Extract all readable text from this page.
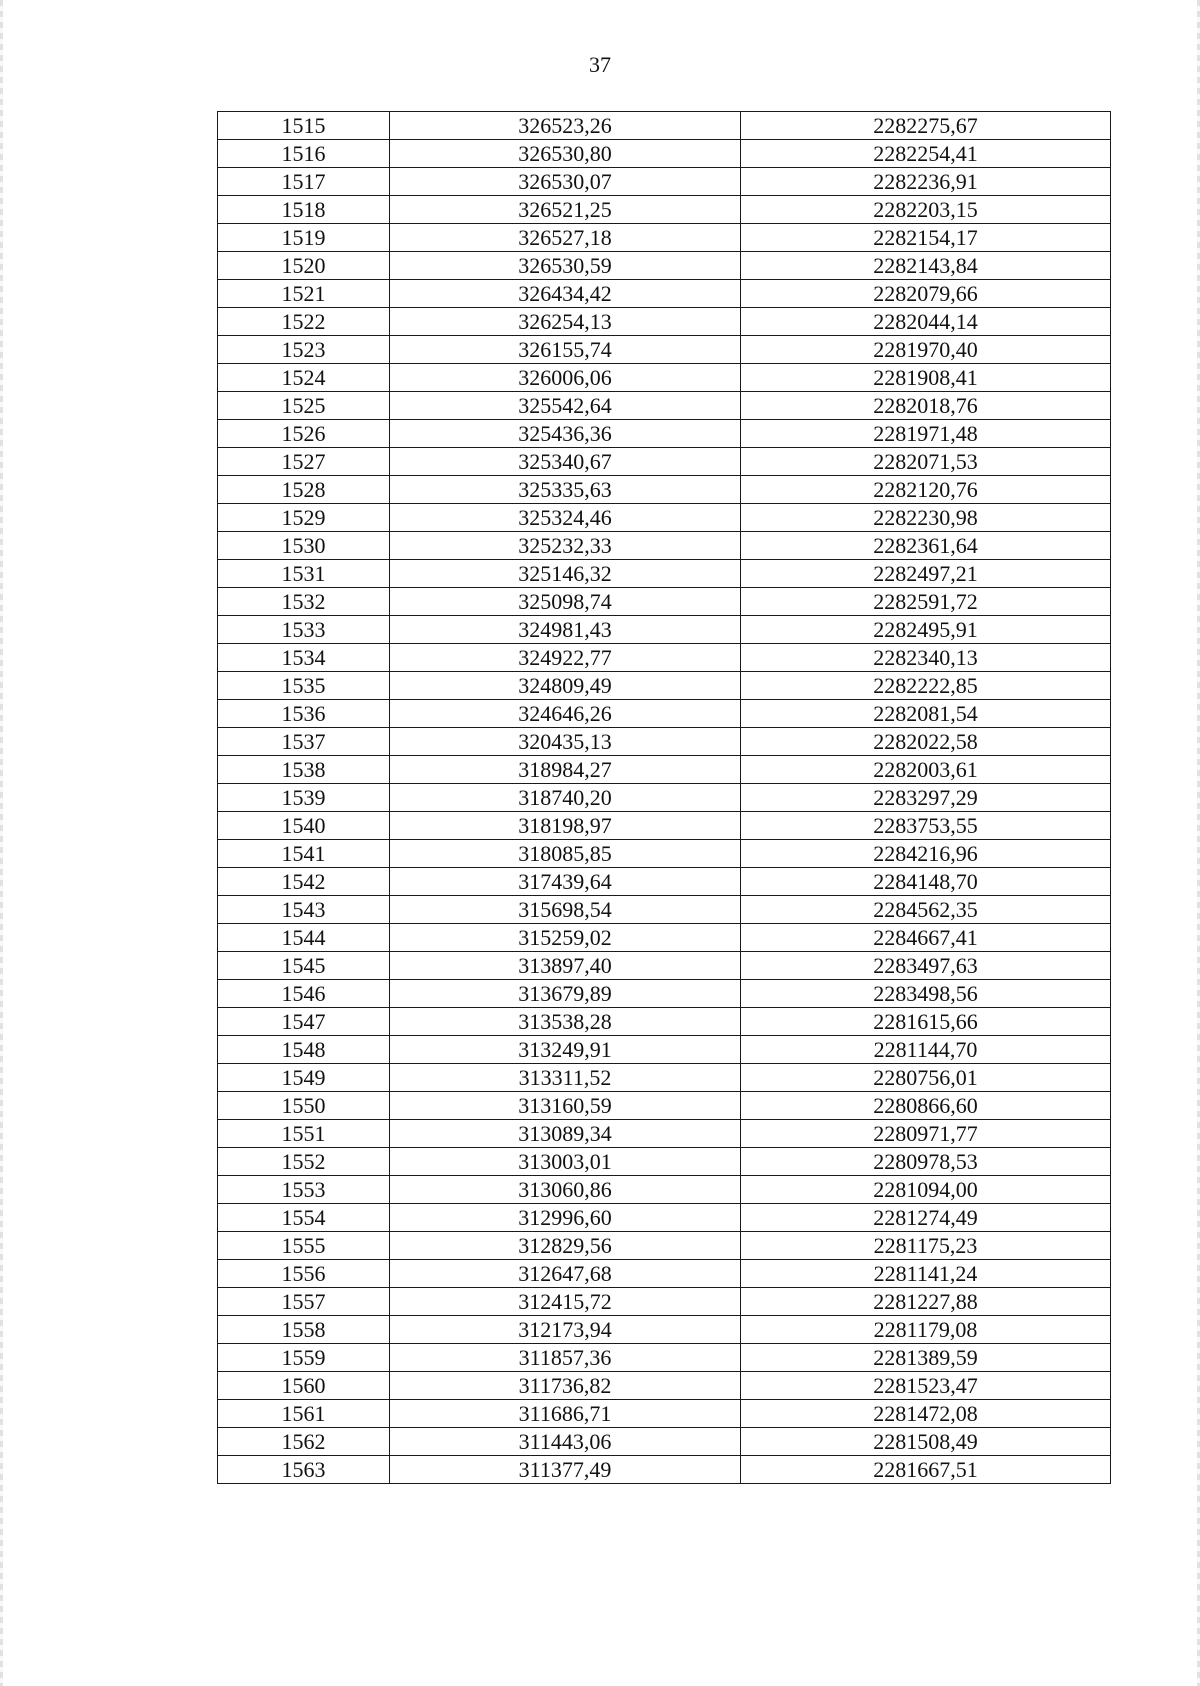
37
1515	326523,26	2282275,67
1516	326530,80	2282254,41
1517	326530,07	2282236,91
1518	326521,25	2282203,15
1519	326527,18	2282154,17
1520	326530,59	2282143,84
1521	326434,42	2282079,66
1522	326254,13	2282044,14
1523	326155,74	2281970,40
1524	326006,06	2281908,41
1525	325542,64	2282018,76
1526	325436,36	2281971,48
1527	325340,67	2282071,53
1528	325335,63	2282120,76
1529	325324,46	2282230,98
1530	325232,33	2282361,64
1531	325146,32	2282497,21
1532	325098,74	2282591,72
1533	324981,43	2282495,91
1534	324922,77	2282340,13
1535	324809,49	2282222,85
1536	324646,26	2282081,54
1537	320435,13	2282022,58
1538	318984,27	2282003,61
1539	318740,20	2283297,29
1540	318198,97	2283753,55
1541	318085,85	2284216,96
1542	317439,64	2284148,70
1543	315698,54	2284562,35
1544	315259,02	2284667,41
1545	313897,40	2283497,63
1546	313679,89	2283498,56
1547	313538,28	2281615,66
1548	313249,91	2281144,70
1549	313311,52	2280756,01
1550	313160,59	2280866,60
1551	313089,34	2280971,77
1552	313003,01	2280978,53
1553	313060,86	2281094,00
1554	312996,60	2281274,49
1555	312829,56	2281175,23
1556	312647,68	2281141,24
1557	312415,72	2281227,88
1558	312173,94	2281179,08
1559	311857,36	2281389,59
1560	311736,82	2281523,47
1561	311686,71	2281472,08
1562	311443,06	2281508,49
1563	311377,49	2281667,51
